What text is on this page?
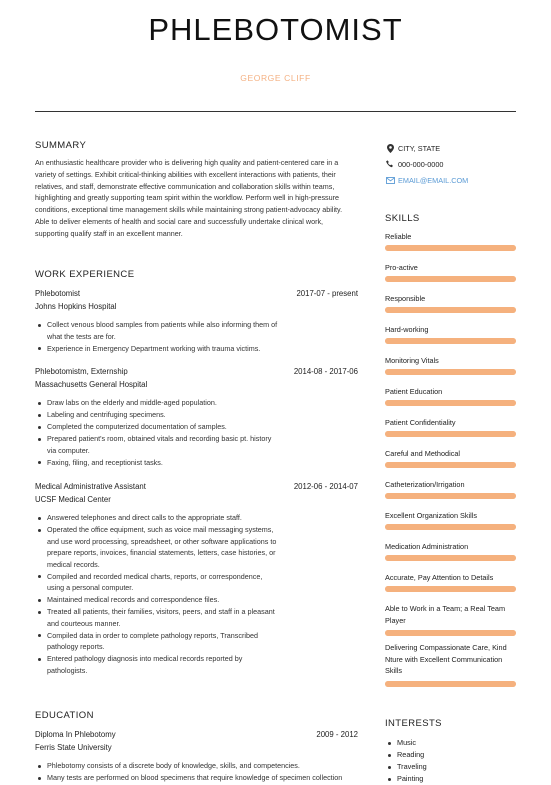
PHLEBOTOMIST
GEORGE CLIFF
SUMMARY
An enthusiastic healthcare provider who is delivering high quality and patient-centered care in a variety of settings. Exhibit critical-thinking abilities with excellent interactions with patients, their relatives, and staff, demonstrate effective communication and collaboration skills within teams, highlighting and greatly supporting team spirit within the workflow. Perform well in high-pressure conditions, exceptional time management skills while maintaining strong patient-advocacy ability. Able to deliver elements of health and social care and successfully undertake clinical work, supporting qualify staff in an excellent manner.
WORK EXPERIENCE
Phlebotomist	2017-07 - present
Johns Hopkins Hospital
Collect venous blood samples from patients while also informing them of what the tests are for.
Experience in Emergency Department working with trauma victims.
Phlebotomistm, Externship	2014-08 - 2017-06
Massachusetts General Hospital
Draw labs on the elderly and middle-aged population.
Labeling and centrifuging specimens.
Completed the computerized documentation of samples.
Prepared patient's room, obtained vitals and recording basic pt. history via computer.
Faxing, filing, and receptionist tasks.
Medical Administrative Assistant	2012-06 - 2014-07
UCSF Medical Center
Answered telephones and direct calls to the appropriate staff.
Operated the office equipment, such as voice mail messaging systems, and use word processing, spreadsheet, or other software applications to prepare reports, invoices, financial statements, letters, case histories, or medical records.
Compiled and recorded medical charts, reports, or correspondence, using a personal computer.
Maintained medical records and correspondence files.
Treated all patients, their families, visitors, peers, and staff in a pleasant and courteous manner.
Compiled data in order to complete pathology reports, Transcribed pathology reports.
Entered pathology diagnosis into medical records reported by pathologists.
EDUCATION
Diploma In Phlebotomy	2009 - 2012
Ferris State University
Phlebotomy consists of a discrete body of knowledge, skills, and competencies.
Many tests are performed on blood specimens that require knowledge of specimen collection
CITY, STATE
000-000-0000
EMAIL@EMAIL.COM
SKILLS
Reliable
Pro-active
Responsible
Hard-working
Monitoring Vitals
Patient Education
Patient Confidentiality
Careful and Methodical
Catheterization/Irrigation
Excellent Organization Skills
Medication Administration
Accurate, Pay Attention to Details
Able to Work in a Team; a Real Team Player
Delivering Compassionate Care, Kind Nture with Excellent Communication Skills
INTERESTS
Music
Reading
Traveling
Painting
